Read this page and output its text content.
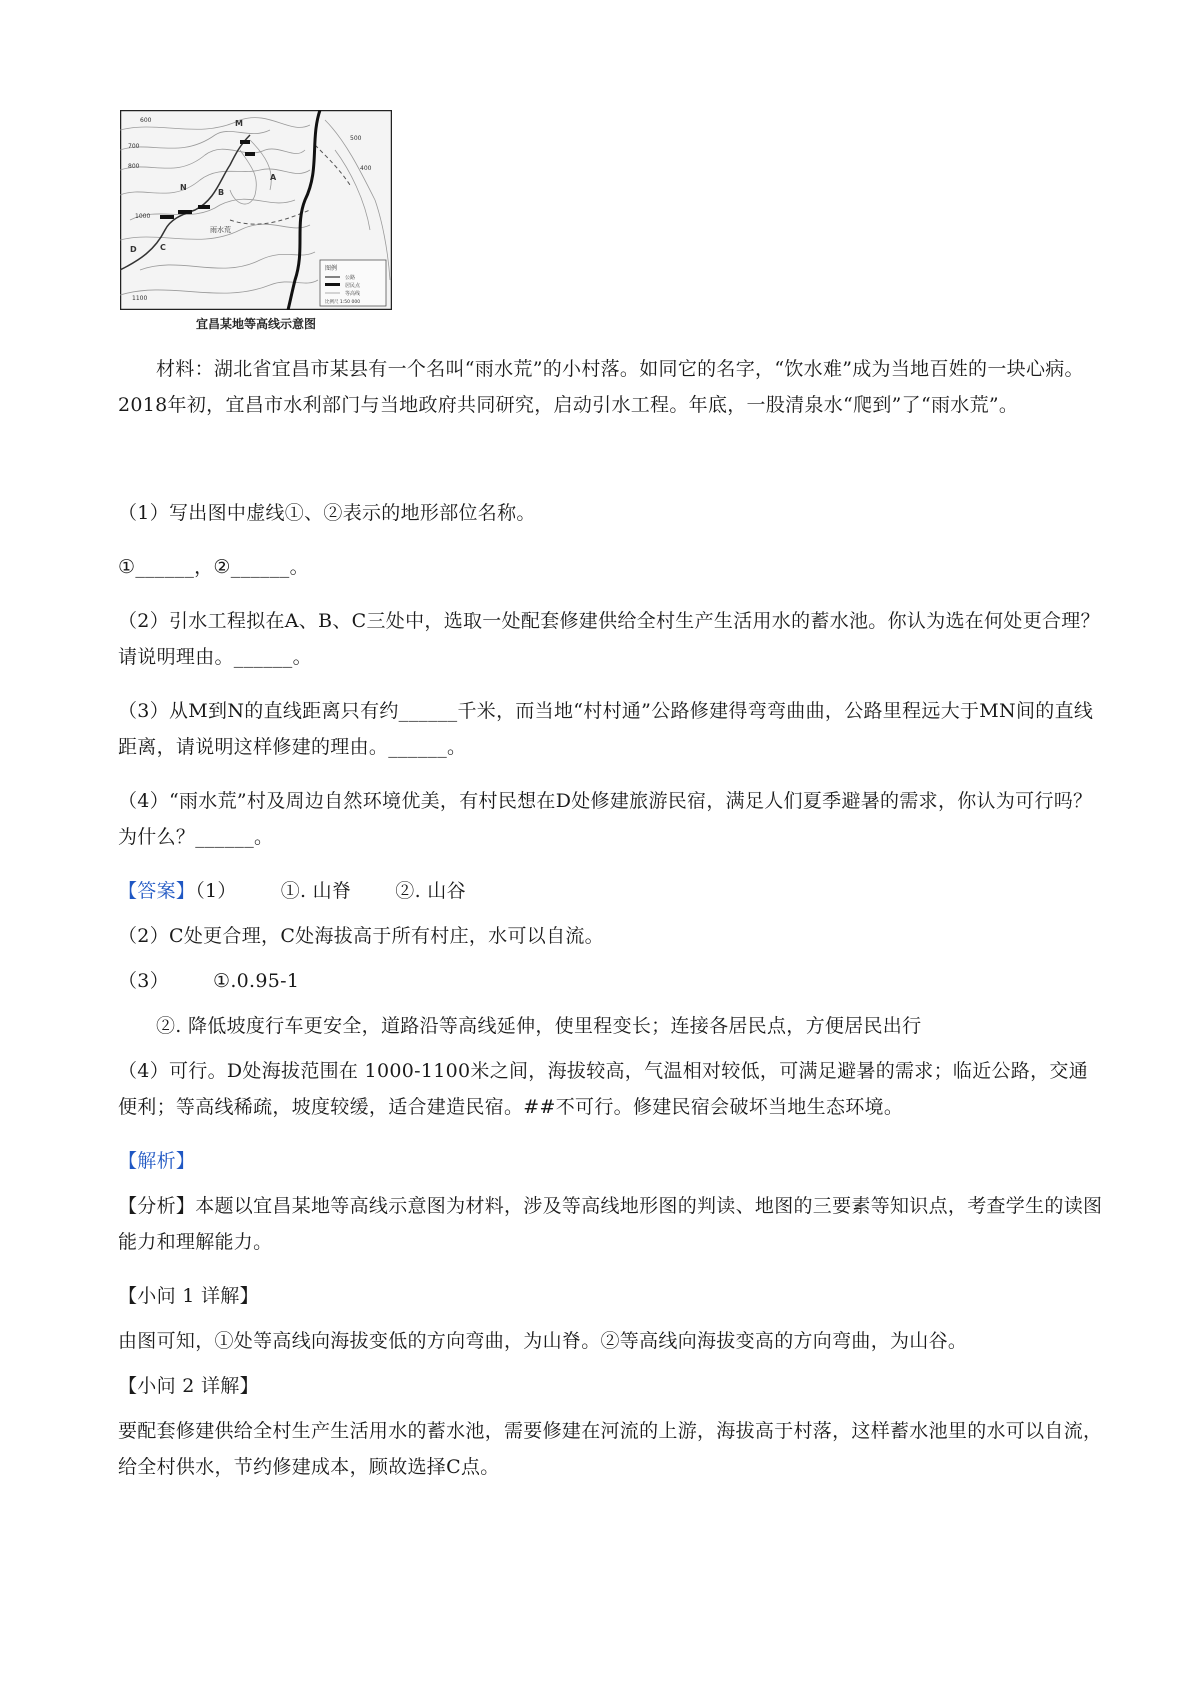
M
N
A
B
C
D
雨水荒
600
700
800
1000
1100
500
400
图例
公路
居民点
等高线
比例尺 1:50 000
宜昌某地等高线示意图
材料：湖北省宜昌市某县有一个名叫“雨水荒”的小村落。如同它的名字，“饮水难”成为当地百姓的一块心病。2018年初，宜昌市水利部门与当地政府共同研究，启动引水工程。年底，一股清泉水“爬到”了“雨水荒”。
（1）写出图中虚线①、②表示的地形部位名称。
①______，②______。
（2）引水工程拟在A、B、C三处中，选取一处配套修建供给全村生产生活用水的蓄水池。你认为选在何处更合理？请说明理由。______。
（3）从M到N的直线距离只有约______千米，而当地“村村通”公路修建得弯弯曲曲，公路里程远大于MN间的直线距离，请说明这样修建的理由。______。
（4）“雨水荒”村及周边自然环境优美，有村民想在D处修建旅游民宿，满足人们夏季避暑的需求，你认为可行吗？为什么？______。
【答案】（1） ①. 山脊 ②. 山谷
（2）C处更合理，C处海拔高于所有村庄，水可以自流。
（3） ①.0.95-1
②. 降低坡度行车更安全，道路沿等高线延伸，使里程变长；连接各居民点，方便居民出行
（4）可行。D处海拔范围在 1000-1100米之间，海拔较高，气温相对较低，可满足避暑的需求；临近公路，交通便利；等高线稀疏，坡度较缓，适合建造民宿。##不可行。修建民宿会破坏当地生态环境。
【解析】
【分析】本题以宜昌某地等高线示意图为材料，涉及等高线地形图的判读、地图的三要素等知识点，考查学生的读图能力和理解能力。
【小问 1 详解】
由图可知，①处等高线向海拔变低的方向弯曲，为山脊。②等高线向海拔变高的方向弯曲，为山谷。
【小问 2 详解】
要配套修建供给全村生产生活用水的蓄水池，需要修建在河流的上游，海拔高于村落，这样蓄水池里的水可以自流，给全村供水，节约修建成本，顾故选择C点。
